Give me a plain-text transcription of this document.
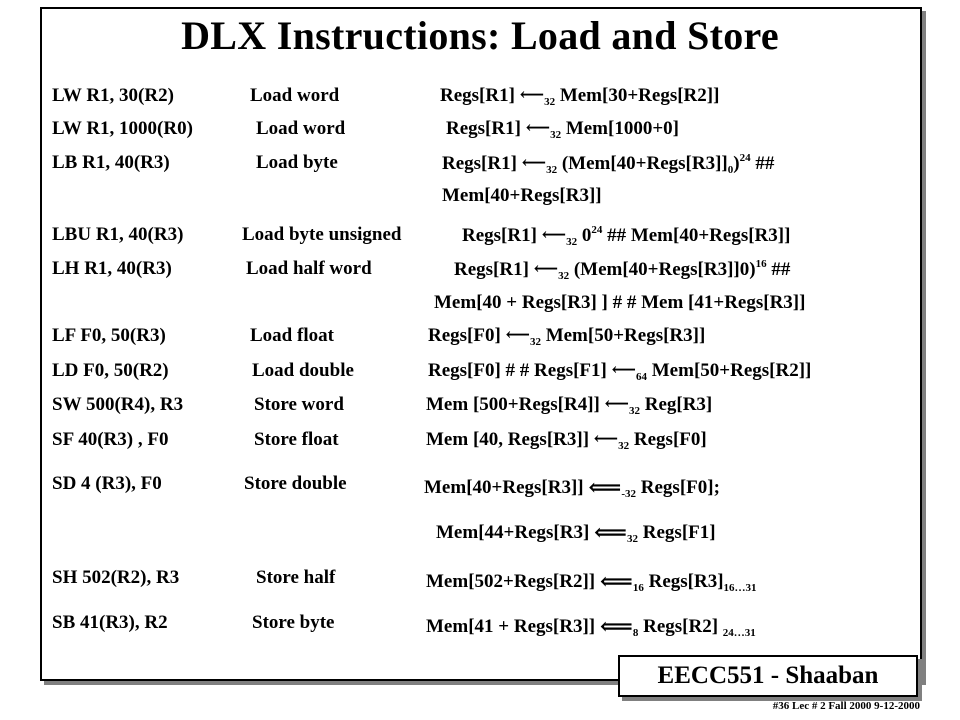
DLX Instructions: Load and Store
LW R1, 30(R2)	Load word	Regs[R1] $⟵_{32}$ Mem[30+Regs[R2]]
LW R1, 1000(R0)	Load word	Regs[R1] $⟵_{32}$ Mem[1000+0]
LB R1, 40(R3)	Load byte	Regs[R1] $⟵_{32}$ $(Mem[40+Regs[R3]]_0)^{24}$ ##
Mem[40+Regs[R3]]
LBU R1, 40(R3)	Load byte unsigned	Regs[R1] $⟵_{32}$ $0^{24}$ ## Mem[40+Regs[R3]]
LH R1, 40(R3)	Load half word	Regs[R1] $⟵_{32}$ (Mem[40+Regs[R3]]0)$^{16}$ ##
Mem[40 + Regs[R3] ] # # Mem [41+Regs[R3]]
LF F0, 50(R3)	Load float	Regs[F0] $⟵_{32}$ Mem[50+Regs[R3]]
LD F0, 50(R2)	Load double	Regs[F0] # # Regs[F1] $⟵_{64}$ Mem[50+Regs[R2]]
SW 500(R4), R3	Store word	Mem [500+Regs[R4]] $⟵_{32}$ Reg[R3]
SF 40(R3) , F0	Store float	Mem [40, Regs[R3]] $⟵_{32}$ Regs[F0]
SD 4 (R3), F0	Store double	Mem[40+Regs[R3]] $⟸_{-32}$ Regs[F0];
Mem[44+Regs[R3] $⟸_{32}$ Regs[F1]
SH 502(R2), R3	Store half	Mem[502+Regs[R2]] $⟸_{16}$ $Regs[R3]_{16\dots 31}$
SB 41(R3), R2	Store byte	Mem[41 + Regs[R3]] $⟸_8$ Regs[R2] $_{24\dots 31}$
EECC551 - Shaaban
#36 Lec # 2 Fall 2000 9-12-2000
